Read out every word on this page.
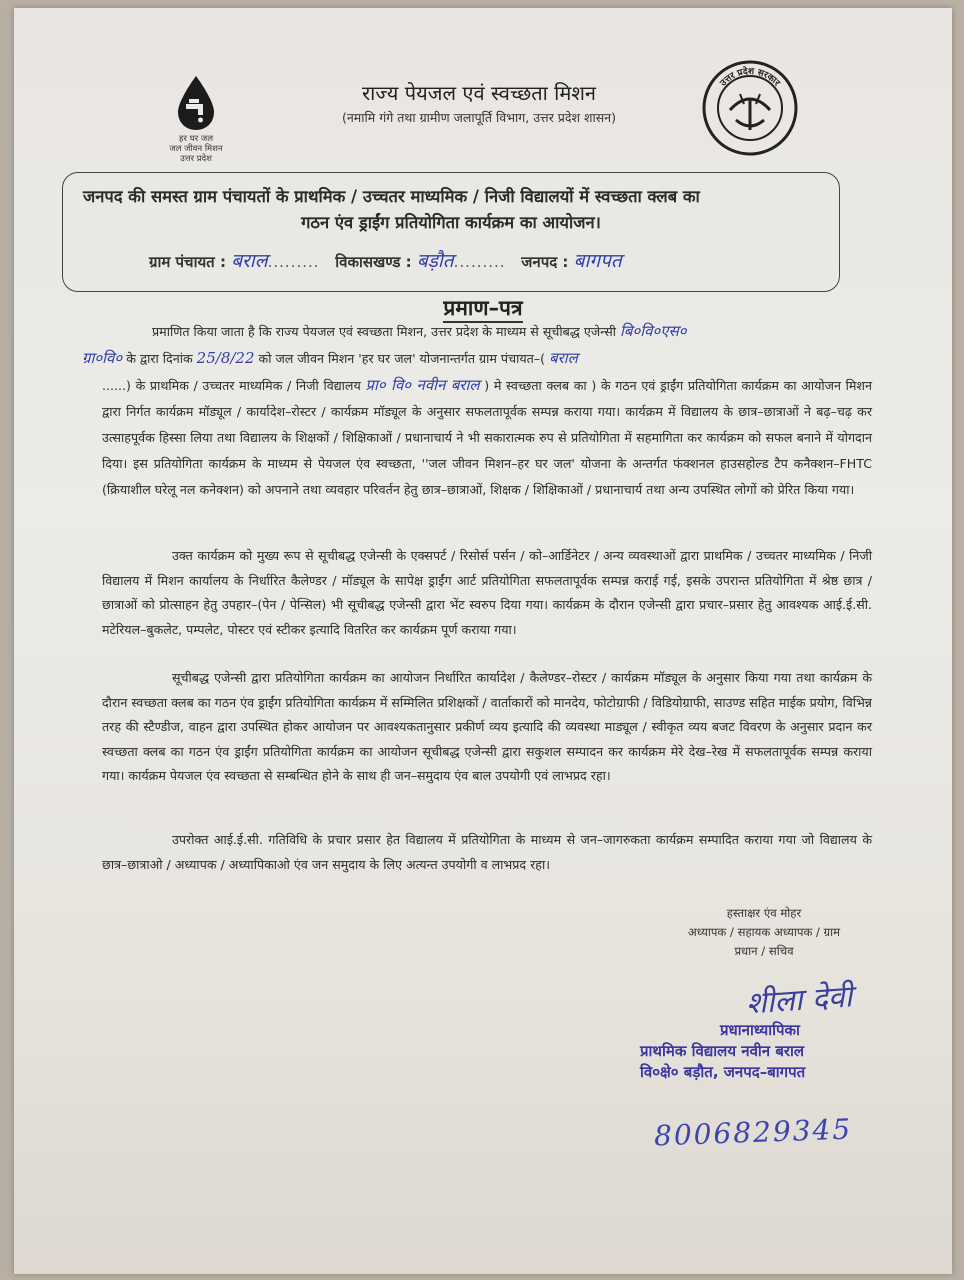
हर घर जल
जल जीवन मिशन
उत्तर प्रदेश
राज्य पेयजल एवं स्वच्छता मिशन
(नमामि गंगे तथा ग्रामीण जलापूर्ति विभाग, उत्तर प्रदेश शासन)
उत्तर प्रदेश सरकार
जनपद की समस्त ग्राम पंचायतों के प्राथमिक / उच्चतर माध्यमिक / निजी विद्यालयों में स्वच्छता क्लब का
गठन एंव ड्राईंग प्रतियोगिता कार्यक्रम का आयोजन।
ग्राम पंचायत : बराल......... विकासखण्ड : बड़ौत......... जनपद : बागपत
प्रमाण–पत्र
प्रमाणित किया जाता है कि राज्य पेयजल एवं स्वच्छता मिशन, उत्तर प्रदेश के माध्यम से सूचीबद्ध एजेन्सी बि०वि०एस०
ग्रा०वि० के द्वारा दिनांक 25/8/22 को जल जीवन मिशन 'हर घर जल' योजनान्तर्गत ग्राम पंचायत–( बराल
......) के प्राथमिक / उच्चतर माध्यमिक / निजी विद्यालय प्रा० वि० नवीन बराल ) मे स्वच्छता क्लब का ) के गठन एवं ड्राईंग प्रतियोगिता कार्यक्रम का आयोजन मिशन द्वारा निर्गत कार्यक्रम मॉड्यूल / कार्यादेश–रोस्टर / कार्यक्रम मॉड्यूल के अनुसार सफलतापूर्वक सम्पन्न कराया गया। कार्यक्रम में विद्यालय के छात्र–छात्राओं ने बढ़–चढ़ कर उत्साहपूर्वक हिस्सा लिया तथा विद्यालय के शिक्षकों / शिक्षिकाओं / प्रधानाचार्य ने भी सकारात्मक रुप से प्रतियोगिता में सहमागिता कर कार्यक्रम को सफल बनाने में योगदान दिया। इस प्रतियोगिता कार्यक्रम के माध्यम से पेयजल एंव स्वच्छता, ''जल जीवन मिशन–हर घर जल' योजना के अन्तर्गत फंक्शनल हाउसहोल्ड टैप कनैक्शन–FHTC (क्रियाशील घरेलू नल कनेक्शन) को अपनाने तथा व्यवहार परिवर्तन हेतु छात्र–छात्राओं, शिक्षक / शिक्षिकाओं / प्रधानाचार्य तथा अन्य उपस्थित लोगों को प्रेरित किया गया।
उक्त कार्यक्रम को मुख्य रूप से सूचीबद्ध एजेन्सी के एक्सपर्ट / रिसोर्स पर्सन / को–आर्डिनेटर / अन्य व्यवस्थाओं द्वारा प्राथमिक / उच्चतर माध्यमिक / निजी विद्यालय में मिशन कार्यालय के निर्धारित कैलेण्डर / मॉड्यूल के सापेक्ष ड्राईंग आर्ट प्रतियोगिता सफलतापूर्वक सम्पन्न कराई गई, इसके उपरान्त प्रतियोगिता में श्रेष्ठ छात्र / छात्राओं को प्रोत्साहन हेतु उपहार–(पेन / पेन्सिल) भी सूचीबद्ध एजेन्सी द्वारा भेंट स्वरुप दिया गया। कार्यक्रम के दौरान एजेन्सी द्वारा प्रचार–प्रसार हेतु आवश्यक आई.ई.सी. मटेरियल–बुकलेट, पम्पलेट, पोस्टर एवं स्टीकर इत्यादि वितरित कर कार्यक्रम पूर्ण कराया गया।
सूचीबद्ध एजेन्सी द्वारा प्रतियोगिता कार्यक्रम का आयोजन निर्धारित कार्यादेश / कैलेण्डर–रोस्टर / कार्यक्रम मॉड्यूल के अनुसार किया गया तथा कार्यक्रम के दौरान स्वच्छता क्लब का गठन एंव ड्राईंग प्रतियोगिता कार्यक्रम में सम्मिलित प्रशिक्षकों / वार्ताकारों को मानदेय, फोटोग्राफी / विडियोग्राफी, साउण्ड सहित माईक प्रयोग, विभिन्न तरह की स्टैण्डीज, वाहन द्वारा उपस्थित होकर आयोजन पर आवश्यकतानुसार प्रकीर्ण व्यय इत्यादि की व्यवस्था माड्यूल / स्वीकृत व्यय बजट विवरण के अनुसार प्रदान कर स्वच्छता क्लब का गठन एंव ड्राईंग प्रतियोगिता कार्यक्रम का आयोजन सूचीबद्ध एजेन्सी द्वारा सकुशल सम्पादन कर कार्यक्रम मेरे देख–रेख में सफलतापूर्वक सम्पन्न कराया गया। कार्यक्रम पेयजल एंव स्वच्छता से सम्बन्धित होने के साथ ही जन–समुदाय एंव बाल उपयोगी एवं लाभप्रद रहा।
उपरोक्त आई.ई.सी. गतिविधि के प्रचार प्रसार हेत विद्यालय में प्रतियोगिता के माध्यम से जन–जागरुकता कार्यक्रम सम्पादित कराया गया जो विद्यालय के छात्र–छात्राओ / अध्यापक / अध्यापिकाओ एंव जन समुदाय के लिए अत्यन्त उपयोगी व लाभप्रद रहा।
हस्ताक्षर एंव मोहर
अध्यापक / सहायक अध्यापक / ग्राम
प्रधान / सचिव
शीला देवी
प्रधानाध्यापिका
प्राथमिक विद्यालय नवीन बराल
वि०क्षे० बड़ौत, जनपद–बागपत
8006829345
